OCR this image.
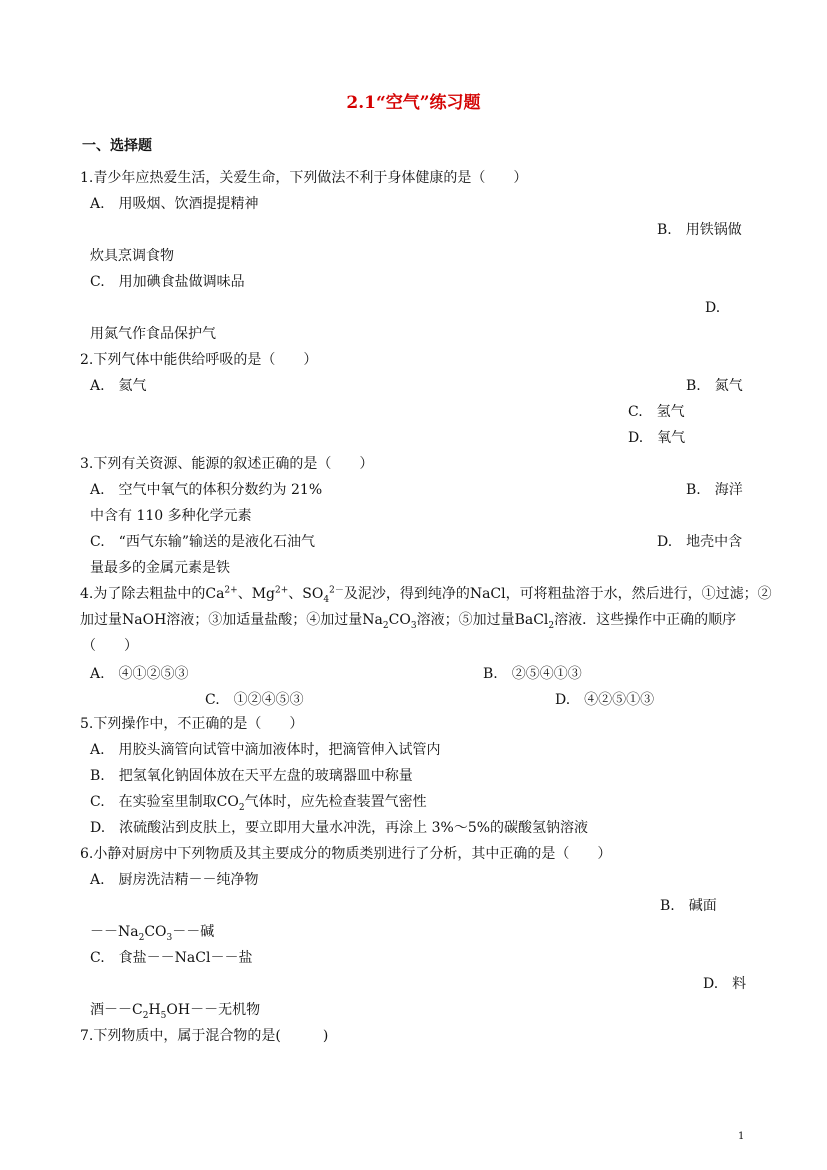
2.1“空气”练习题
一、选择题
1.青少年应热爱生活，关爱生命，下列做法不利于身体健康的是（　　）
A.　用吸烟、饮酒提提精神
B.　用铁锅做
炊具烹调食物
C.　用加碘食盐做调味品
D.
用氮气作食品保护气
2.下列气体中能供给呼吸的是（　　）
A.　氦气	B.　氮气
C.　氢气
D.　氧气
3.下列有关资源、能源的叙述正确的是（　　）
A.　空气中氧气的体积分数约为 21%	B.　海洋
中含有 110 多种化学元素
C.　“西气东输”输送的是液化石油气	D.　地壳中含
量最多的金属元素是铁
4.为了除去粗盐中的$Ca^{2+}$、$Mg^{2+}$、$SO_4^{2-}$及泥沙，得到纯净的NaCl，可将粗盐溶于水，然后进行，①过滤；②
加过量NaOH溶液；③加适量盐酸；④加过量$Na_2CO_3$溶液；⑤加过量BaCl$_2$溶液．这些操作中正确的顺序
（　　）
A.　④①②⑤③	B.　②⑤④①③
C.　①②④⑤③	D.　④②⑤①③
5.下列操作中，不正确的是（　　）
A.　用胶头滴管向试管中滴加液体时，把滴管伸入试管内
B.　把氢氧化钠固体放在天平左盘的玻璃器皿中称量
C.　在实验室里制取$CO_2$气体时，应先检查装置气密性
D.　浓硫酸沾到皮肤上，要立即用大量水冲洗，再涂上 3%～5%的碳酸氢钠溶液
6.小静对厨房中下列物质及其主要成分的物质类别进行了分析，其中正确的是（　　）
A.　厨房洗洁精－－纯净物
B.　碱面
$--Na_2CO_3--$碱
C.　食盐－－NaCl－－盐
D.　料
酒$--C_2H_5OH--$无机物
7.下列物质中，属于混合物的是(　　　)
1
